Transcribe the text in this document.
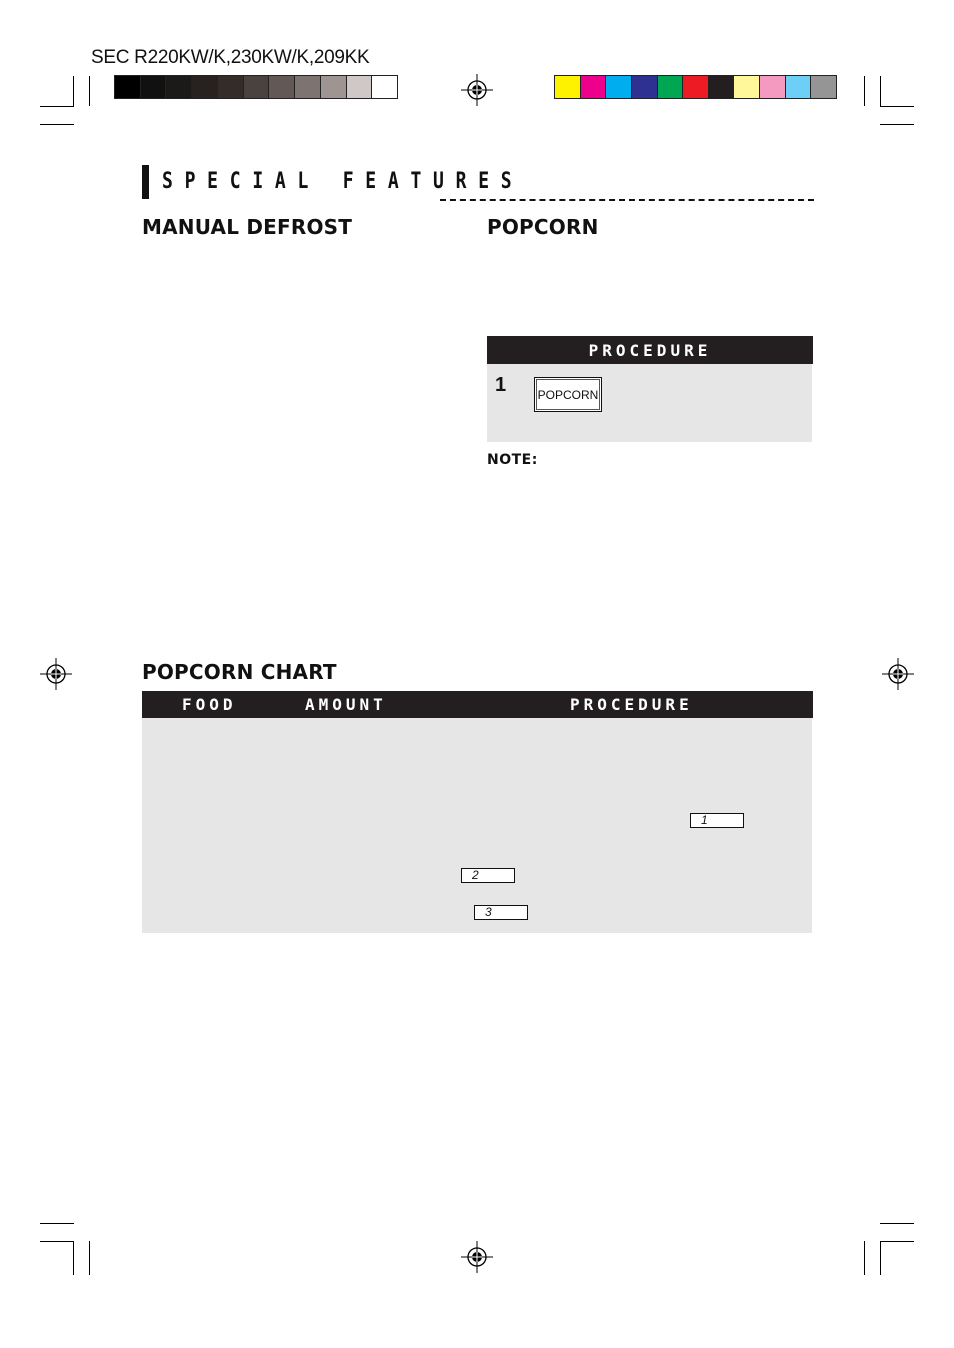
SEC R220KW/K,230KW/K,209KK
SPECIAL FEATURES
MANUAL DEFROST	POPCORN
PROCEDURE
1	POPCORN
NOTE:
POPCORN CHART
FOOD	AMOUNT	PROCEDURE
1
2
3
